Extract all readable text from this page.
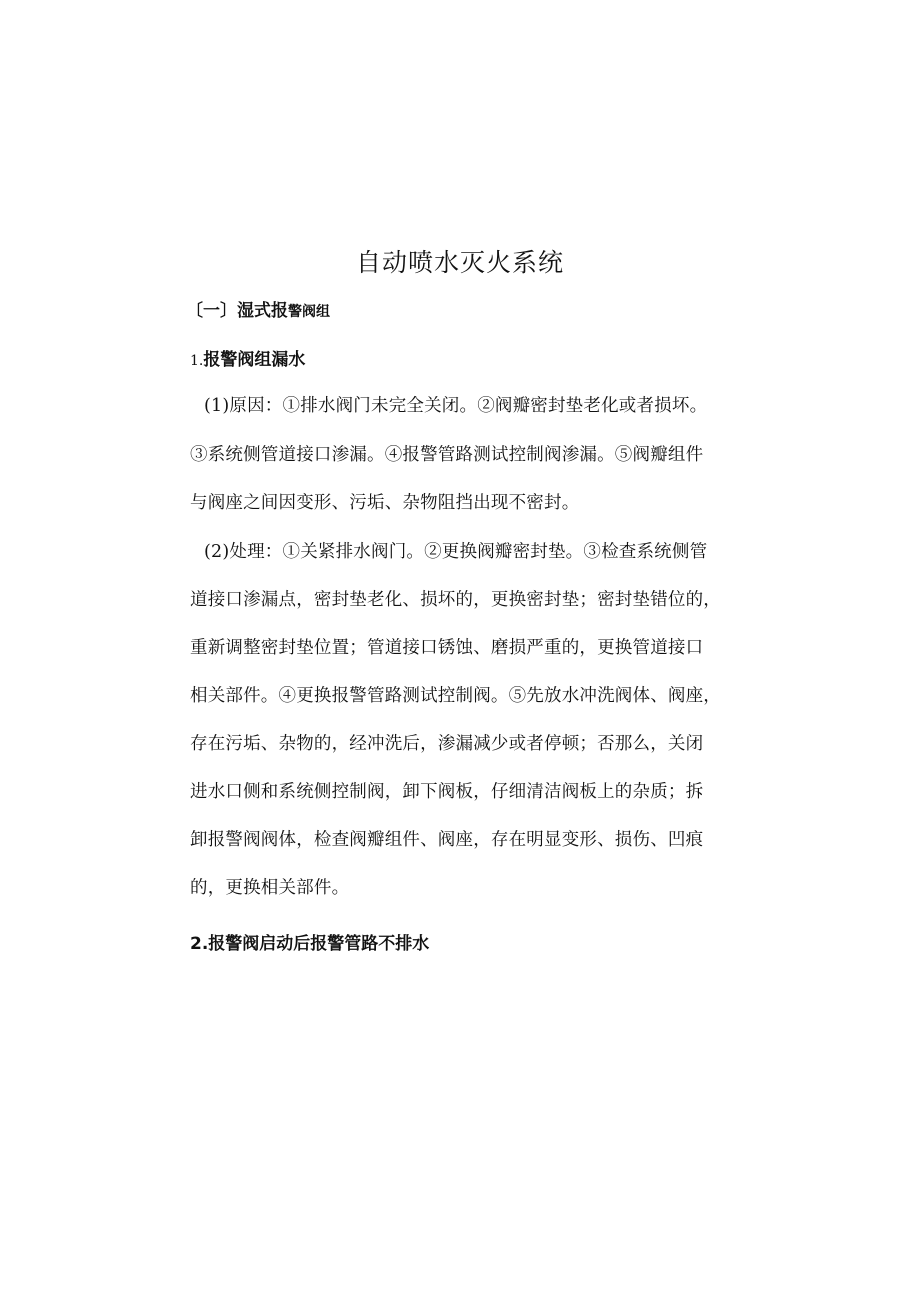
自动喷水灭火系统
〔一〕湿式报警阀组
1.报警阀组漏水
(1)原因：①排水阀门未完全关闭。②阀瓣密封垫老化或者损坏。
③系统侧管道接口渗漏。④报警管路测试控制阀渗漏。⑤阀瓣组件
与阀座之间因变形、污垢、杂物阻挡出现不密封。
(2)处理：①关紧排水阀门。②更换阀瓣密封垫。③检查系统侧管
道接口渗漏点，密封垫老化、损坏的，更换密封垫；密封垫错位的，
重新调整密封垫位置；管道接口锈蚀、磨损严重的，更换管道接口
相关部件。④更换报警管路测试控制阀。⑤先放水冲洗阀体、阀座，
存在污垢、杂物的，经冲洗后，渗漏减少或者停顿；否那么，关闭
进水口侧和系统侧控制阀，卸下阀板，仔细清洁阀板上的杂质；拆
卸报警阀阀体，检查阀瓣组件、阀座，存在明显变形、损伤、凹痕
的，更换相关部件。
2.报警阀启动后报警管路不排水
